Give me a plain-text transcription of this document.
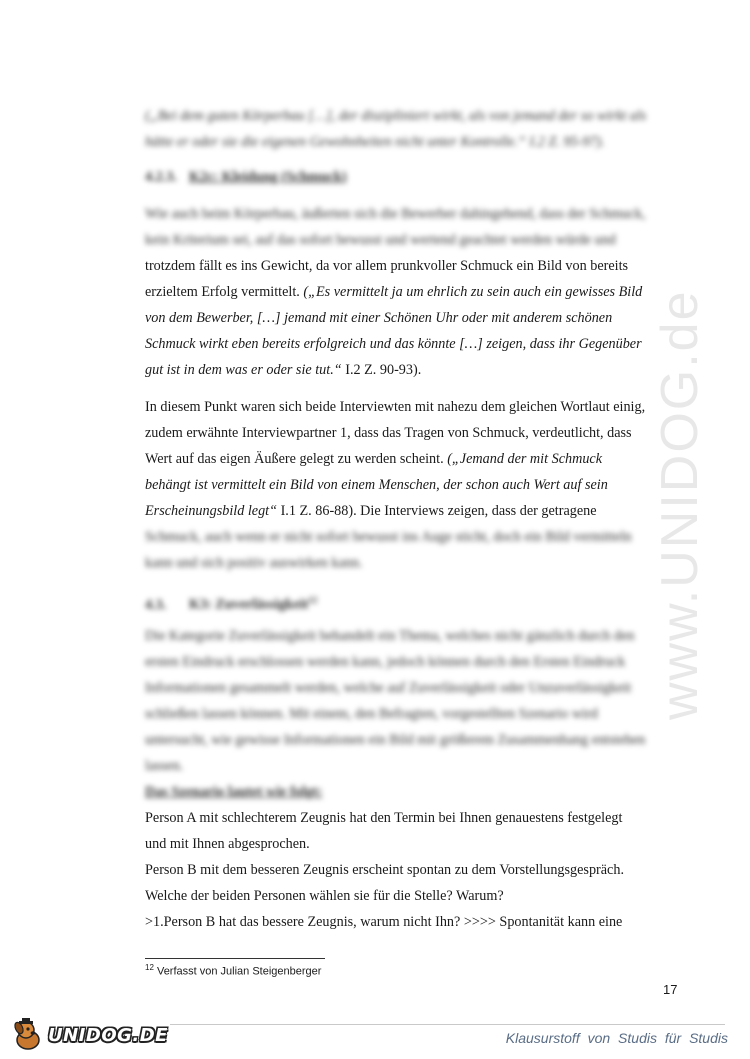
www.UNIDOG.de
(„Bei dem guten Körperbau […], der diszipliniert wirkt, als von jemand der so wirkt als
hätte er oder sie die eigenen Gewohnheiten nicht unter Kontrolle.“ I.2 Z. 95-97).
4.2.3. K2c: Kleidung (Schmuck)
Wie auch beim Körperbau, äußerten sich die Bewerber dahingehend, dass der Schmuck,
kein Kriterium sei, auf das sofort bewusst und wertend geachtet werden würde und
trotzdem fällt es ins Gewicht, da vor allem prunkvoller Schmuck ein Bild von bereits
erzieltem Erfolg vermittelt. („Es vermittelt ja um ehrlich zu sein auch ein gewisses Bild
von dem Bewerber, […] jemand mit einer Schönen Uhr oder mit anderem schönen
Schmuck wirkt eben bereits erfolgreich und das könnte […] zeigen, dass ihr Gegenüber
gut ist in dem was er oder sie tut.“ I.2 Z. 90-93).
In diesem Punkt waren sich beide Interviewten mit nahezu dem gleichen Wortlaut einig,
zudem erwähnte Interviewpartner 1, dass das Tragen von Schmuck, verdeutlicht, dass
Wert auf das eigen Äußere gelegt zu werden scheint. („Jemand der mit Schmuck
behängt ist vermittelt ein Bild von einem Menschen, der schon auch Wert auf sein
Erscheinungsbild legt“ I.1 Z. 86-88). Die Interviews zeigen, dass der getragene
Schmuck, auch wenn er nicht sofort bewusst ins Auge sticht, doch ein Bild vermitteln
kann und sich positiv auswirken kann.
4.3. K3: Zuverlässigkeit$^{12}$
Die Kategorie Zuverlässigkeit behandelt ein Thema, welches nicht gänzlich durch den
ersten Eindruck erschlossen werden kann, jedoch können durch den Ersten Eindruck
Informationen gesammelt werden, welche auf Zuverlässigkeit oder Unzuverlässigkeit
schließen lassen können. Mit einem, den Befragten, vorgestellten Szenario wird
untersucht, wie gewisse Informationen ein Bild mit größerem Zusammenhang entstehen
lassen.
Das Szenario lautet wie folgt:
Person A mit schlechterem Zeugnis hat den Termin bei Ihnen genauestens festgelegt
und mit Ihnen abgesprochen.
Person B mit dem besseren Zeugnis erscheint spontan zu dem Vorstellungsgespräch.
Welche der beiden Personen wählen sie für die Stelle? Warum?
>1.Person B hat das bessere Zeugnis, warum nicht Ihn? >>>> Spontanität kann eine
$^{12}$ Verfasst von Julian Steigenberger
17
UNIDOG.DE	Klausurstoff von Studis für Studis
